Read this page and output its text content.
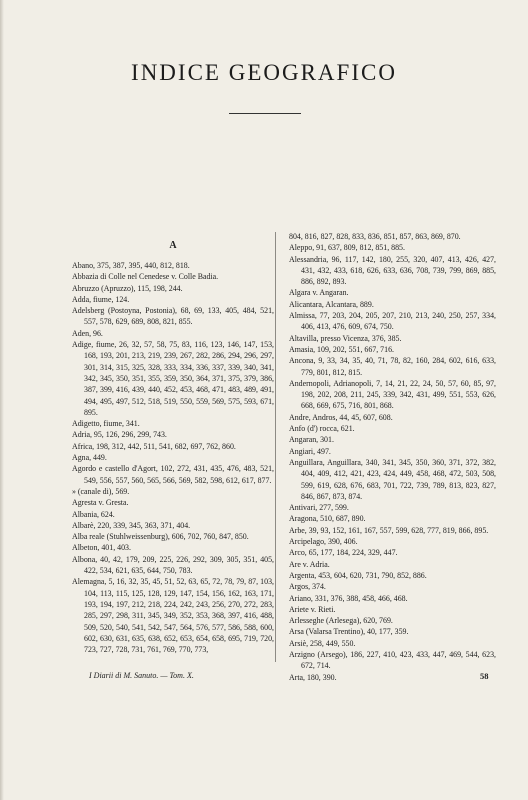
INDICE GEOGRAFICO
A
Abano, 375, 387, 395, 440, 812, 818.
Abbazia di Colle nel Cenedese v. Colle Badia.
Abruzzo (Apruzzo), 115, 198, 244.
Adda, fiume, 124.
Adelsberg (Postoyna, Postonia), 68, 69, 133, 405, 484, 521, 557, 578, 629, 689, 808, 821, 855.
Aden, 96.
Adige, fiume, 26, 32, 57, 58, 75, 83, 116, 123, 146, 147, 153, 168, 193, 201, 213, 219, 239, 267, 282, 286, 294, 296, 297, 301, 314, 315, 325, 328, 333, 334, 336, 337, 339, 340, 341, 342, 345, 350, 351, 355, 359, 350, 364, 371, 375, 379, 386, 387, 399, 416, 439, 440, 452, 453, 468, 471, 483, 489, 491, 494, 495, 497, 512, 518, 519, 550, 559, 569, 575, 593, 671, 895.
Adigetto, fiume, 341.
Adria, 95, 126, 296, 299, 743.
Africa, 198, 312, 442, 511, 541, 682, 697, 762, 860.
Agna, 449.
Agordo e castello d'Agort, 102, 272, 431, 435, 476, 483, 521, 549, 556, 557, 560, 565, 566, 569, 582, 598, 612, 617, 877.
» (canale di), 569.
Agresta v. Gresta.
Albania, 624.
Albarè, 220, 339, 345, 363, 371, 404.
Alba reale (Stuhlweissenburg), 606, 702, 760, 847, 850.
Albeton, 401, 403.
Albona, 40, 42, 179, 209, 225, 226, 292, 309, 305, 351, 405, 422, 534, 621, 635, 644, 750, 783.
Alemagna, 5, 16, 32, 35, 45, 51, 52, 63, 65, 72, 78, 79, 87, 103, 104, 113, 115, 125, 128, 129, 147, 154, 156, 162, 163, 171, 193, 194, 197, 212, 218, 224, 242, 243, 256, 270, 272, 283, 285, 297, 298, 311, 345, 349, 352, 353, 368, 397, 416, 488, 509, 520, 540, 541, 542, 547, 564, 576, 577, 586, 588, 600, 602, 630, 631, 635, 638, 652, 653, 654, 658, 695, 719, 720, 723, 727, 728, 731, 761, 769, 770, 773,
804, 816, 827, 828, 833, 836, 851, 857, 863, 869, 870.
Aleppo, 91, 637, 809, 812, 851, 885.
Alessandria, 96, 117, 142, 180, 255, 320, 407, 413, 426, 427, 431, 432, 433, 618, 626, 633, 636, 708, 739, 799, 869, 885, 886, 892, 893.
Algara v. Angaran.
Alicantara, Alcantara, 889.
Almissa, 77, 203, 204, 205, 207, 210, 213, 240, 250, 257, 334, 406, 413, 476, 609, 674, 750.
Altavilla, presso Vicenza, 376, 385.
Amasia, 109, 202, 551, 667, 716.
Ancona, 9, 33, 34, 35, 40, 71, 78, 82, 160, 284, 602, 616, 633, 779, 801, 812, 815.
Andernopoli, Adrianopoli, 7, 14, 21, 22, 24, 50, 57, 60, 85, 97, 198, 202, 208, 211, 245, 339, 342, 431, 499, 551, 553, 626, 668, 669, 675, 716, 801, 868.
Andre, Andros, 44, 45, 607, 608.
Anfo (d') rocca, 621.
Angaran, 301.
Angiari, 497.
Anguillara, Anguillara, 340, 341, 345, 350, 360, 371, 372, 382, 404, 409, 412, 421, 423, 424, 449, 458, 468, 472, 503, 508, 599, 619, 628, 676, 683, 701, 722, 739, 789, 813, 823, 827, 846, 867, 873, 874.
Antivari, 277, 599.
Aragona, 510, 687, 890.
Arbe, 39, 93, 152, 161, 167, 557, 599, 628, 777, 819, 866, 895.
Arcipelago, 390, 406.
Arco, 65, 177, 184, 224, 329, 447.
Are v. Adria.
Argenta, 453, 604, 620, 731, 790, 852, 886.
Argos, 374.
Ariano, 331, 376, 388, 458, 466, 468.
Ariete v. Rieti.
Arlesseghe (Arlesega), 620, 769.
Arsa (Valarsa Trentino), 40, 177, 359.
Arsiè, 258, 449, 550.
Arzigno (Arsego), 186, 227, 410, 423, 433, 447, 469, 544, 623, 672, 714.
Arta, 180, 390.
I Diarii di M. Sanuto. — Tom. X.	58
